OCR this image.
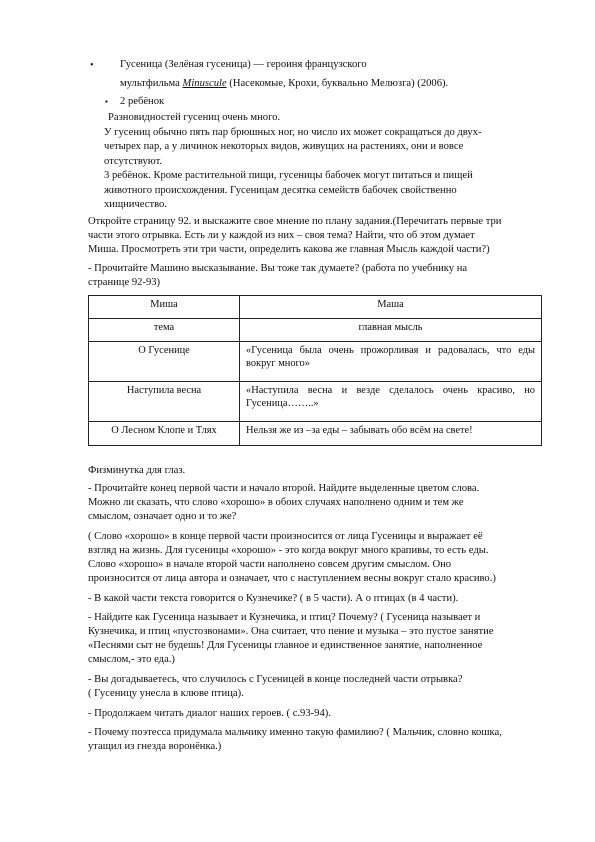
• Гусеница (Зелёная гусеница) — героиня французского
мультфильма Minuscule (Насекомые, Крохи, буквально Мелюзга) (2006).
▪ 2 ребёнок
Разновидностей гусениц очень много.
У гусениц обычно пять пар брюшных ног, но число их может сокращаться до двух-
четырех пар, а у личинок некоторых видов, живущих на растениях, они и вовсе
отсутствуют.
3 ребёнок. Кроме растительной пищи, гусеницы бабочек могут питаться и пищей
животного происхождения. Гусеницам десятка семейств бабочек свойственно
хищничество.
Откройте страницу 92. и выскажите свое мнение по плану задания.(Перечитать первые три
части этого отрывка. Есть ли у каждой из них – своя тема? Найти, что об этом думает
Миша. Просмотреть эти три части, определить какова же главная Мысль каждой части?)
- Прочитайте Машино высказывание. Вы тоже так думаете? (работа по учебнику на
странице 92-93)
Миша	Маша
тема	главная мысль
О Гусенице	«Гусеница была очень прожорливая и радовалась, что еды вокруг много»
Наступила весна	«Наступила весна и везде сделалось очень красиво, но Гусеница……..»
О Лесном Клопе и Тлях	Нельзя же из –за еды – забывать обо всём на свете!
Физминутка для глаз.
- Прочитайте конец первой части и начало второй. Найдите выделенные цветом слова.
Можно ли сказать, что слово «хорошо» в обоих случаях наполнено одним и тем же
смыслом, означает одно и то же?
( Слово «хорошо» в конце первой части произносится от лица Гусеницы и выражает её
взгляд на жизнь. Для гусеницы «хорошо» - это когда вокруг много крапивы, то есть еды.
Слово «хорошо» в начале второй части наполнено совсем другим смыслом. Оно
произносится от лица автора и означает, что с наступлением весны вокруг стало красиво.)
- В какой части текста говорится о Кузнечике? ( в 5 части). А о птицах (в 4 части).
- Найдите как Гусеница называет и Кузнечика, и птиц? Почему? ( Гусеница называет и
Кузнечика, и птиц «пустозвонами». Она считает, что пение и музыка – это пустое занятие
«Песнями сыт не будешь! Для Гусеницы главное и единственное занятие, наполненное
смыслом,- это еда.)
- Вы догадываетесь, что случилось с Гусеницей в конце последней части отрывка?
( Гусеницу унесла в клюве птица).
- Продолжаем читать диалог наших героев. ( с.93-94).
- Почему поэтесса придумала мальчику именно такую фамилию? ( Мальчик, словно кошка,
утащил из гнезда воронёнка.)
